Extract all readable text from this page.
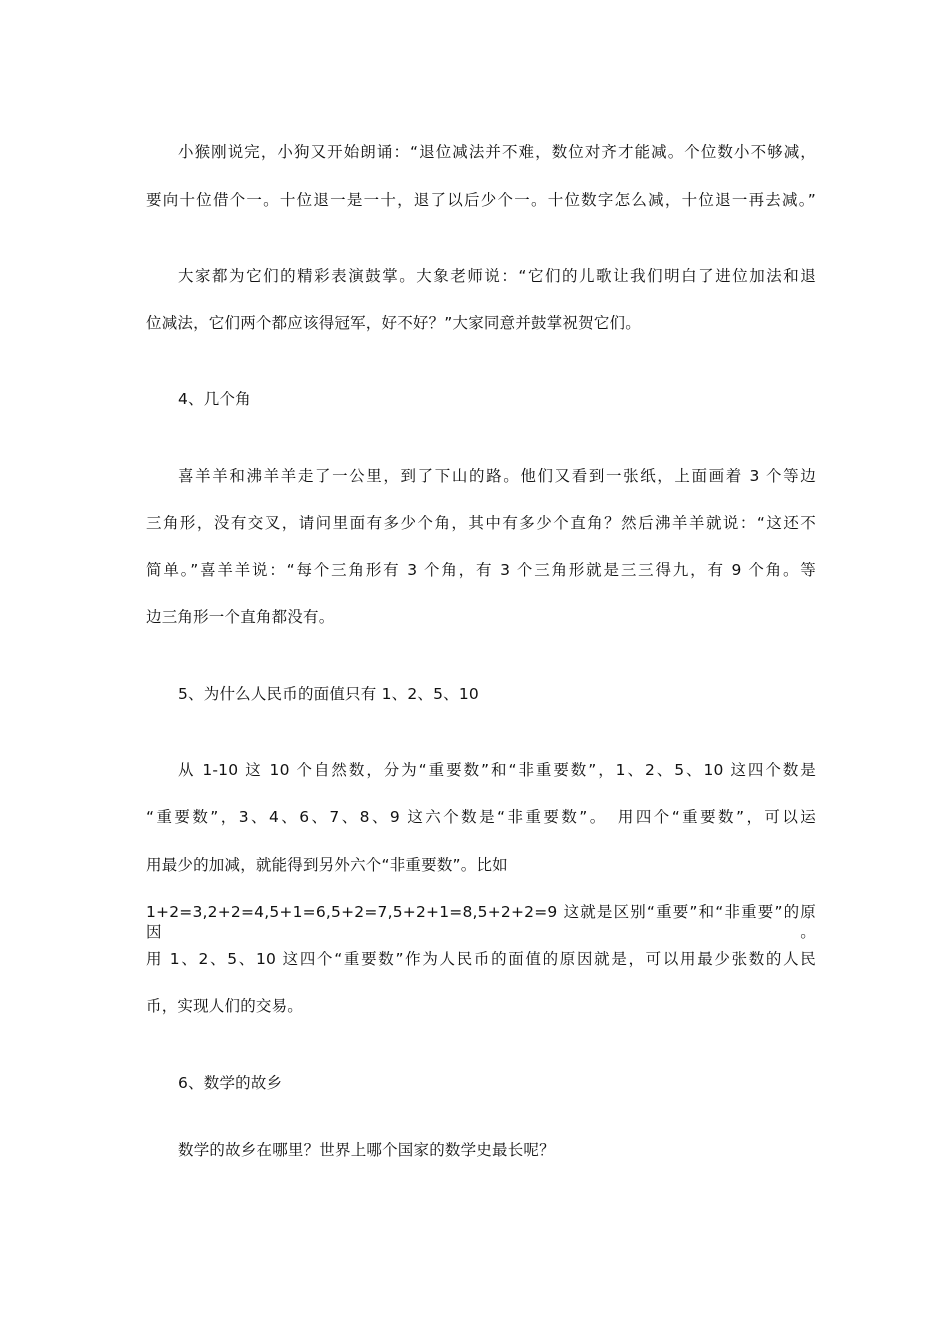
小猴刚说完，小狗又开始朗诵：“退位减法并不难，数位对齐才能减。个位数小不够减，
要向十位借个一。十位退一是一十，退了以后少个一。十位数字怎么减，十位退一再去减。”
大家都为它们的精彩表演鼓掌。大象老师说：“它们的儿歌让我们明白了进位加法和退
位减法，它们两个都应该得冠军，好不好？”大家同意并鼓掌祝贺它们。
4、几个角
喜羊羊和沸羊羊走了一公里，到了下山的路。他们又看到一张纸，上面画着 3 个等边
三角形，没有交叉，请问里面有多少个角，其中有多少个直角？然后沸羊羊就说：“这还不
简单。”喜羊羊说：“每个三角形有 3 个角，有 3 个三角形就是三三得九，有 9 个角。等
边三角形一个直角都没有。
5、为什么人民币的面值只有 1、2、5、10
从 1-10 这 10 个自然数，分为“重要数”和“非重要数”，1、2、5、10 这四个数是
“重要数”，3、4、6、7、8、9 这六个数是“非重要数”。　用四个“重要数”，可以运
用最少的加减，就能得到另外六个“非重要数”。比如
1+2=3,2+2=4,5+1=6,5+2=7,5+2+1=8,5+2+2=9 这就是区别“重要”和“非重要”的原因。
用 1、2、5、10 这四个“重要数”作为人民币的面值的原因就是，可以用最少张数的人民
币，实现人们的交易。
6、数学的故乡
数学的故乡在哪里？世界上哪个国家的数学史最长呢？
